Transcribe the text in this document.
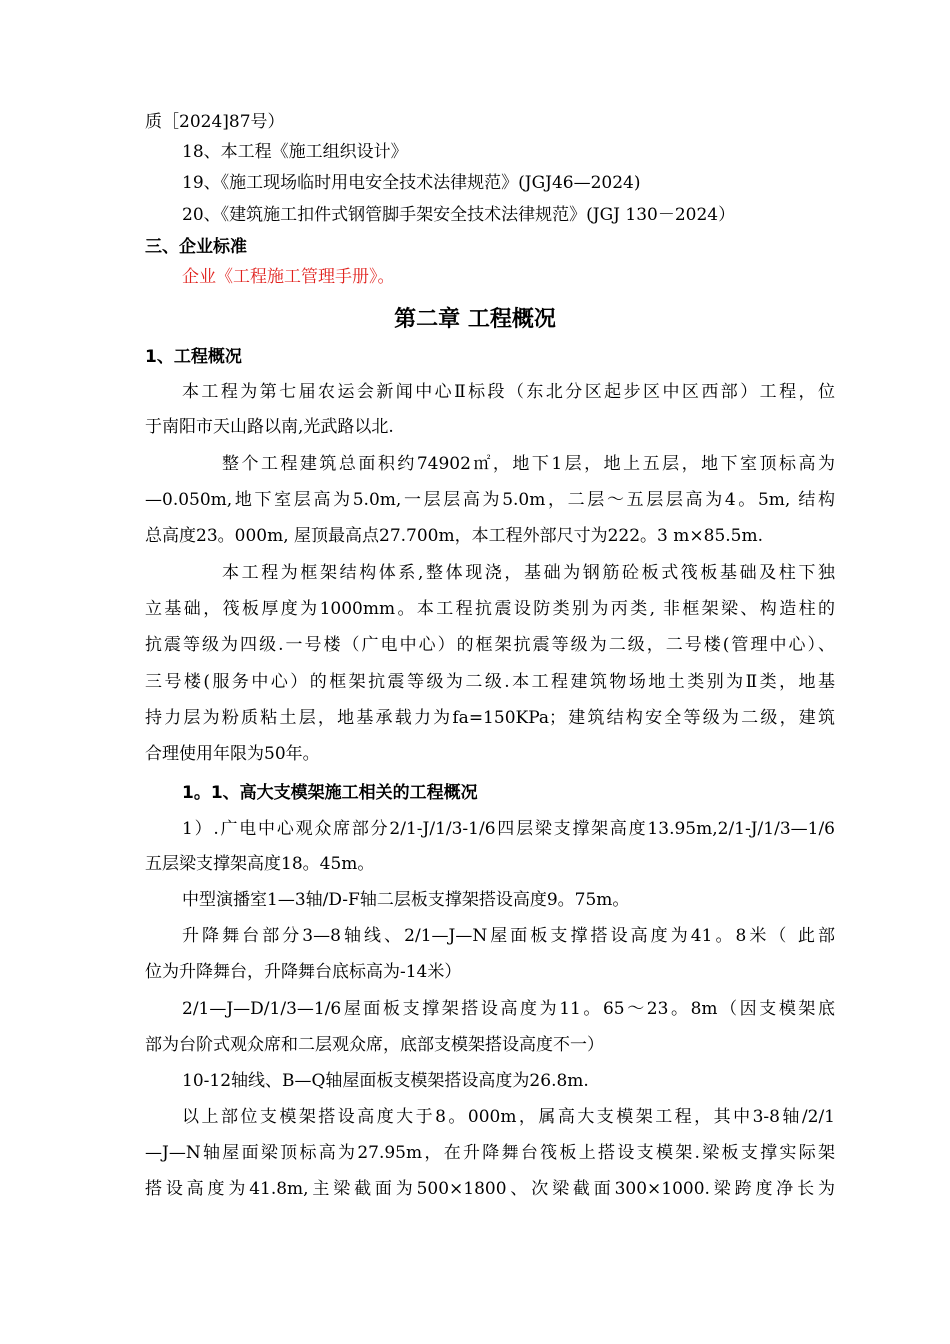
质［2024]87号）
18、本工程《施工组织设计》
19、《施工现场临时用电安全技术法律规范》(JGJ46—2024)
20、《建筑施工扣件式钢管脚手架安全技术法律规范》(JGJ 130－2024）
三、企业标准
企业《工程施工管理手册》。
第二章 工程概况
1、工程概况
本工程为第七届农运会新闻中心Ⅱ标段（东北分区起步区中区西部）工程，位
于南阳市天山路以南,光武路以北.
整个工程建筑总面积约74902㎡，地下1层，地上五层，地下室顶标高为
—0.050m,地下室层高为5.0m,一层层高为5.0m，二层～五层层高为4。5m, 结构
总高度23。000m, 屋顶最高点27.700m，本工程外部尺寸为222。3 m×85.5m.
本工程为框架结构体系,整体现浇，基础为钢筋砼板式筏板基础及柱下独
立基础，筏板厚度为1000mm。本工程抗震设防类别为丙类, 非框架梁、构造柱的
抗震等级为四级.一号楼（广电中心）的框架抗震等级为二级，二号楼(管理中心）、
三号楼(服务中心）的框架抗震等级为二级.本工程建筑物场地土类别为Ⅱ类，地基
持力层为粉质粘土层，地基承载力为fa=150KPa；建筑结构安全等级为二级，建筑
合理使用年限为50年。
1。1、高大支模架施工相关的工程概况
1）.广电中心观众席部分2/1-J/1/3-1/6四层梁支撑架高度13.95m,2/1-J/1/3—1/6
五层梁支撑架高度18。45m。
中型演播室1—3轴/D-F轴二层板支撑架搭设高度9。75m。
升降舞台部分3—8轴线、2/1—J—N屋面板支撑搭设高度为41。8米（ 此部
位为升降舞台，升降舞台底标高为-14米）
2/1—J—D/1/3—1/6屋面板支撑架搭设高度为11。65～23。8m（因支模架底
部为台阶式观众席和二层观众席，底部支模架搭设高度不一）
10-12轴线、B—Q轴屋面板支模架搭设高度为26.8m.
以上部位支模架搭设高度大于8。000m，属高大支模架工程，其中3-8轴/2/1
—J—N轴屋面梁顶标高为27.95m，在升降舞台筏板上搭设支模架.梁板支撑实际架
搭设高度为41.8m,主梁截面为500×1800、次梁截面300×1000.梁跨度净长为
